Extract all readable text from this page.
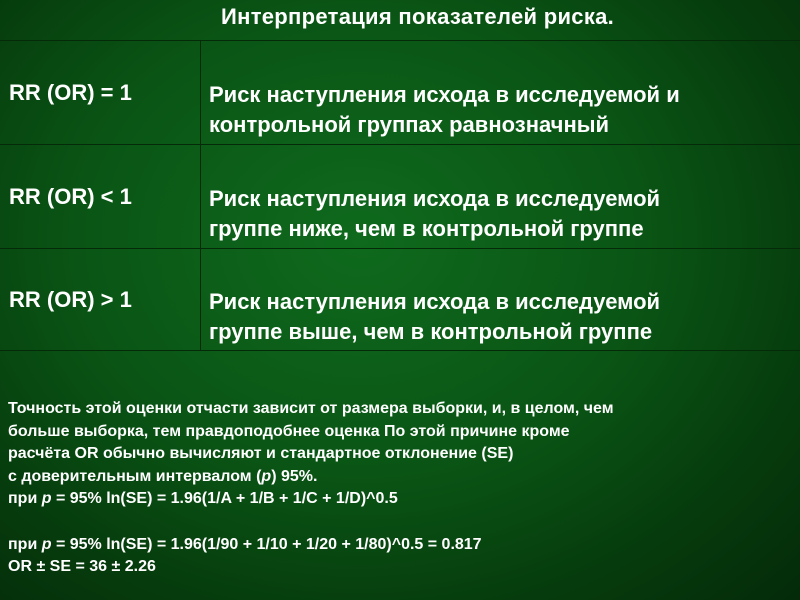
Интерпретация показателей риска.
RR (OR) = 1	Риск наступления исхода в исследуемой и
контрольной группах равнозначный
RR (OR) < 1	Риск наступления исхода в исследуемой
группе ниже, чем в контрольной группе
RR (OR) > 1	Риск наступления исхода в исследуемой
группе выше, чем в контрольной группе
Точность этой оценки отчасти зависит от размера выборки, и, в целом, чем
больше выборка, тем правдоподобнее оценка По этой причине кроме
расчёта OR обычно вычисляют и стандартное отклонение (SE)
с доверительным интервалом (p) 95%.
при p = 95% ln(SE) = 1.96(1/A + 1/B + 1/C + 1/D)^0.5
при p = 95% ln(SE) = 1.96(1/90 + 1/10 + 1/20 + 1/80)^0.5 = 0.817
OR ± SE = 36 ± 2.26
